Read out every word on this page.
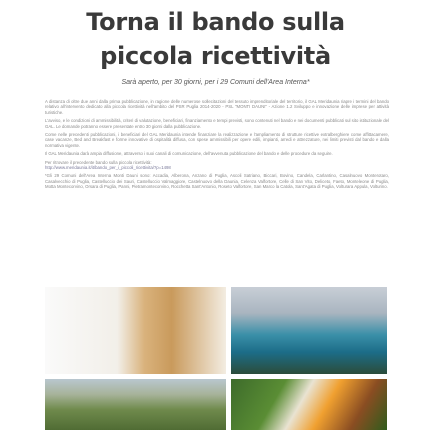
Torna il bando sulla
piccola ricettività
Sarà aperto, per 30 giorni, per i 29 Comuni dell'Area Interna*

A distanza di oltre due anni dalla prima pubblicazione, in ragione delle numerose sollecitazioni del tessuto imprenditoriale del territorio, il GAL Meridaunia riapre i termini del bando relativo all'intervento dedicato alla piccola ricettività nell'ambito del PSR Puglia 2014-2020 - PSL "MONTI DAUNI" - Azione 1.2 Sviluppo e innovazione delle imprese per attività turistiche.

L'avviso, e le condizioni di ammissibilità, criteri di valutazione, beneficiari, finanziamento e tempi previsti, sono contenuti nel bando e nei documenti pubblicati sul sito istituzionale del GAL. Le domande potranno essere presentate entro 30 giorni dalla pubblicazione.

Come nelle precedenti pubblicazioni, i beneficiari del GAL Meridaunia intende finanziare la realizzazione e l'ampliamento di strutture ricettive extralberghiere come affittacamere, case vacanze, Bed and Breakfast e forme innovative di ospitalità diffusa, con spese ammissibili per opere edili, impianti, arredi e attrezzature, nei limiti previsti dal bando e dalla normativa vigente.

Il GAL Meridaunia darà ampia diffusione, attraverso i suoi canali di comunicazione, dell'avvenuta pubblicazione del bando e delle procedure da seguire.

Per ritrovare il precedente bando sulla piccola ricettività:
http://www.meridaunia.it/it/bando_per_i_piccoli_ricettivita/?p=1498

*Gli 29 Comuni dell'Area Interna Monti Dauni sono: Accadia, Alberona, Anzano di Puglia, Ascoli Satriano, Biccari, Bovino, Candela, Carlantino, Casalnuovo Monterotaro, Casalvecchio di Puglia, Castelluccio dei Sauri, Castelluccio Valmaggiore, Castelnuovo della Daunia, Celenza Valfortore, Celle di San Vito, Deliceto, Faeto, Monteleone di Puglia, Motta Montecorvino, Orsara di Puglia, Panni, Pietramontecorvino, Rocchetta Sant'Antonio, Roseto Valfortore, San Marco la Catola, Sant'Agata di Puglia, Volturara Appula, Volturino.
